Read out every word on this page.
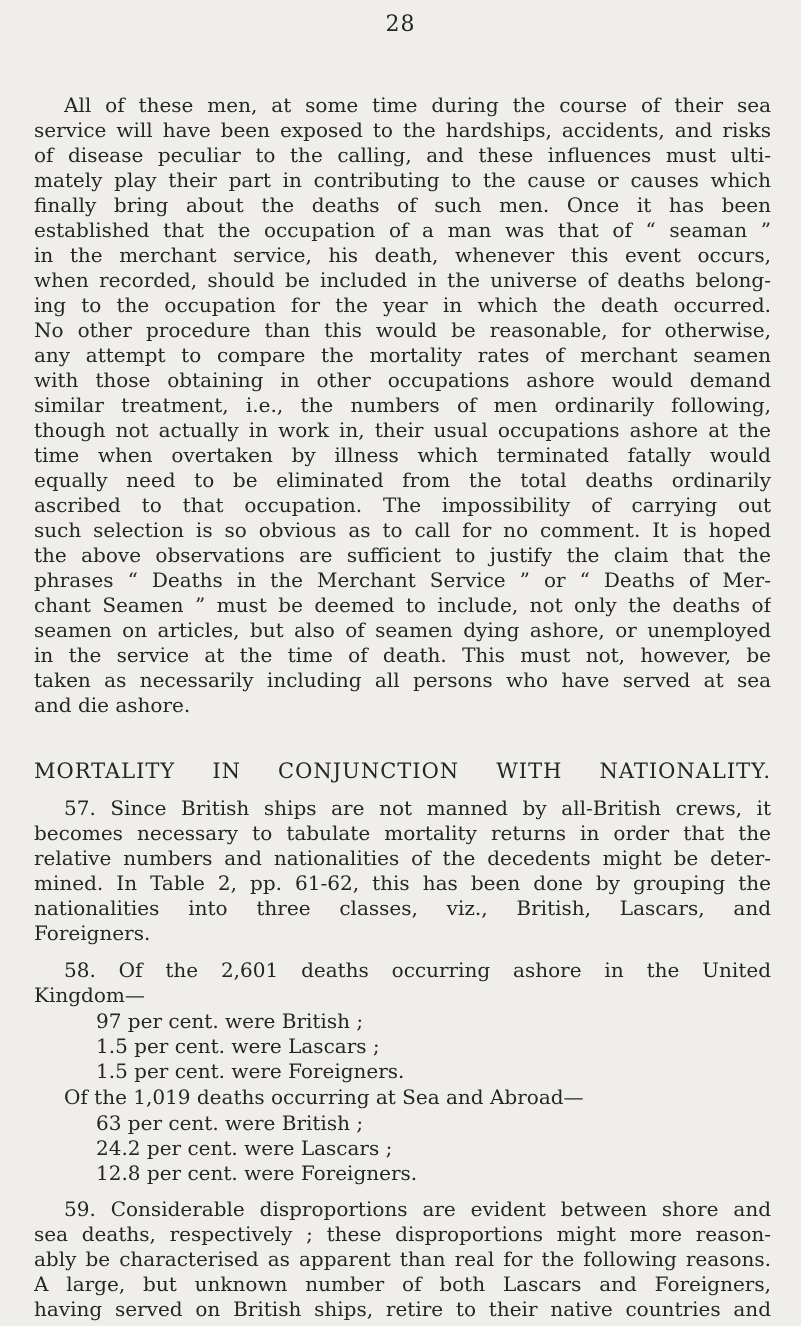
28
All of these men, at some time during the course of their sea
service will have been exposed to the hardships, accidents, and risks
of disease peculiar to the calling, and these influences must ulti-
mately play their part in contributing to the cause or causes which
finally bring about the deaths of such men. Once it has been
established that the occupation of a man was that of “ seaman ”
in the merchant service, his death, whenever this event occurs,
when recorded, should be included in the universe of deaths belong-
ing to the occupation for the year in which the death occurred.
No other procedure than this would be reasonable, for otherwise,
any attempt to compare the mortality rates of merchant seamen
with those obtaining in other occupations ashore would demand
similar treatment, i.e., the numbers of men ordinarily following,
though not actually in work in, their usual occupations ashore at the
time when overtaken by illness which terminated fatally would
equally need to be eliminated from the total deaths ordinarily
ascribed to that occupation. The impossibility of carrying out
such selection is so obvious as to call for no comment. It is hoped
the above observations are sufficient to justify the claim that the
phrases “ Deaths in the Merchant Service ” or “ Deaths of Mer-
chant Seamen ” must be deemed to include, not only the deaths of
seamen on articles, but also of seamen dying ashore, or unemployed
in the service at the time of death. This must not, however, be
taken as necessarily including all persons who have served at sea
and die ashore.
MORTALITY IN CONJUNCTION WITH NATIONALITY.
57. Since British ships are not manned by all-British crews, it
becomes necessary to tabulate mortality returns in order that the
relative numbers and nationalities of the decedents might be deter-
mined. In Table 2, pp. 61-62, this has been done by grouping the
nationalities into three classes, viz., British, Lascars, and
Foreigners.
58. Of the 2,601 deaths occurring ashore in the United
Kingdom—
97 per cent. were British ;
1.5 per cent. were Lascars ;
1.5 per cent. were Foreigners.
Of the 1,019 deaths occurring at Sea and Abroad—
63 per cent. were British ;
24.2 per cent. were Lascars ;
12.8 per cent. were Foreigners.
59. Considerable disproportions are evident between shore and
sea deaths, respectively ; these disproportions might more reason-
ably be characterised as apparent than real for the following reasons.
A large, but unknown number of both Lascars and Foreigners,
having served on British ships, retire to their native countries and
